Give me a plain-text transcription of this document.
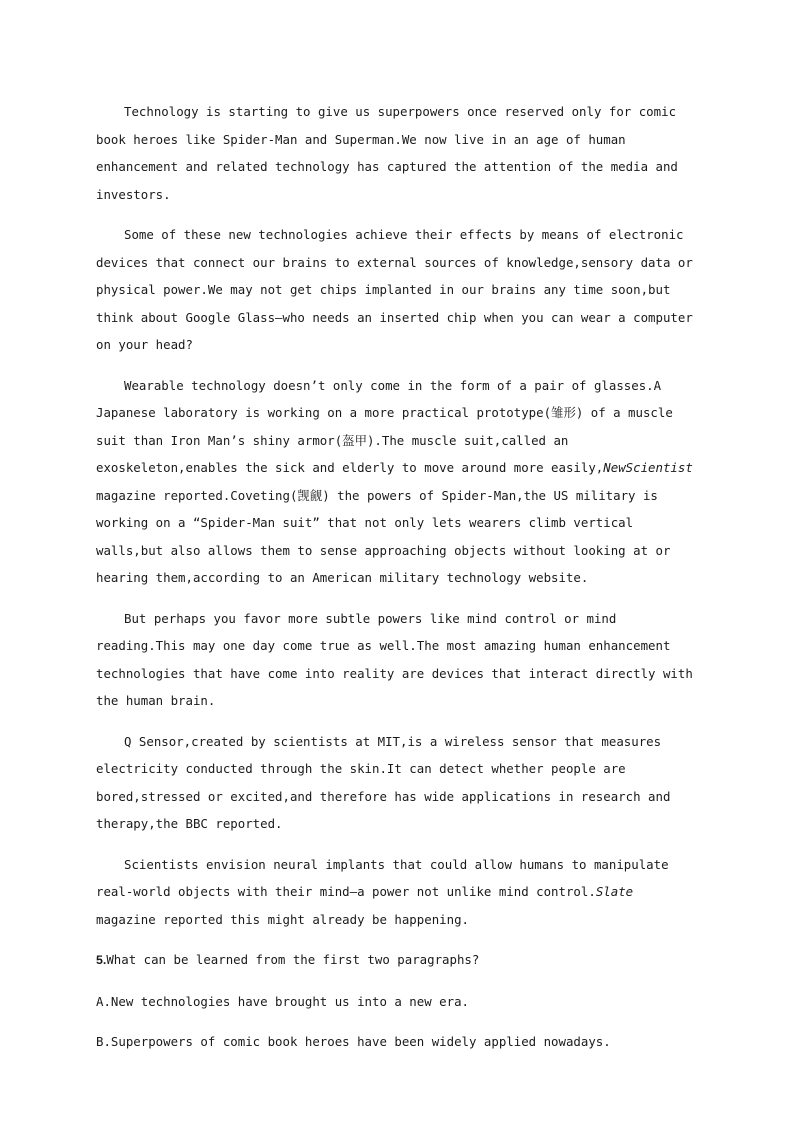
Technology is starting to give us superpowers once reserved only for comic book heroes like Spider-Man and Superman.We now live in an age of human enhancement and related technology has captured the attention of the media and investors.

Some of these new technologies achieve their effects by means of electronic devices that connect our brains to external sources of knowledge,sensory data or physical power.We may not get chips implanted in our brains any time soon,but think about Google Glass—who needs an inserted chip when you can wear a computer on your head?

Wearable technology doesn’t only come in the form of a pair of glasses.A Japanese laboratory is working on a more practical prototype(雏形) of a muscle suit than Iron Man’s shiny armor(盔甲).The muscle suit,called an exoskeleton,enables the sick and elderly to move around more easily,NewScientist magazine reported.Coveting(觊觎) the powers of Spider-Man,the US military is working on a “Spider-Man suit” that not only lets wearers climb vertical walls,but also allows them to sense approaching objects without looking at or hearing them,according to an American military technology website.

But perhaps you favor more subtle powers like mind control or mind reading.This may one day come true as well.The most amazing human enhancement technologies that have come into reality are devices that interact directly with the human brain.

Q Sensor,created by scientists at MIT,is a wireless sensor that measures electricity conducted through the skin.It can detect whether people are bored,stressed or excited,and therefore has wide applications in research and therapy,the BBC reported.

Scientists envision neural implants that could allow humans to manipulate real-world objects with their mind—a power not unlike mind control.Slate magazine reported this might already be happening.

5.What can be learned from the first two paragraphs?

A.New technologies have brought us into a new era.

B.Superpowers of comic book heroes have been widely applied nowadays.
